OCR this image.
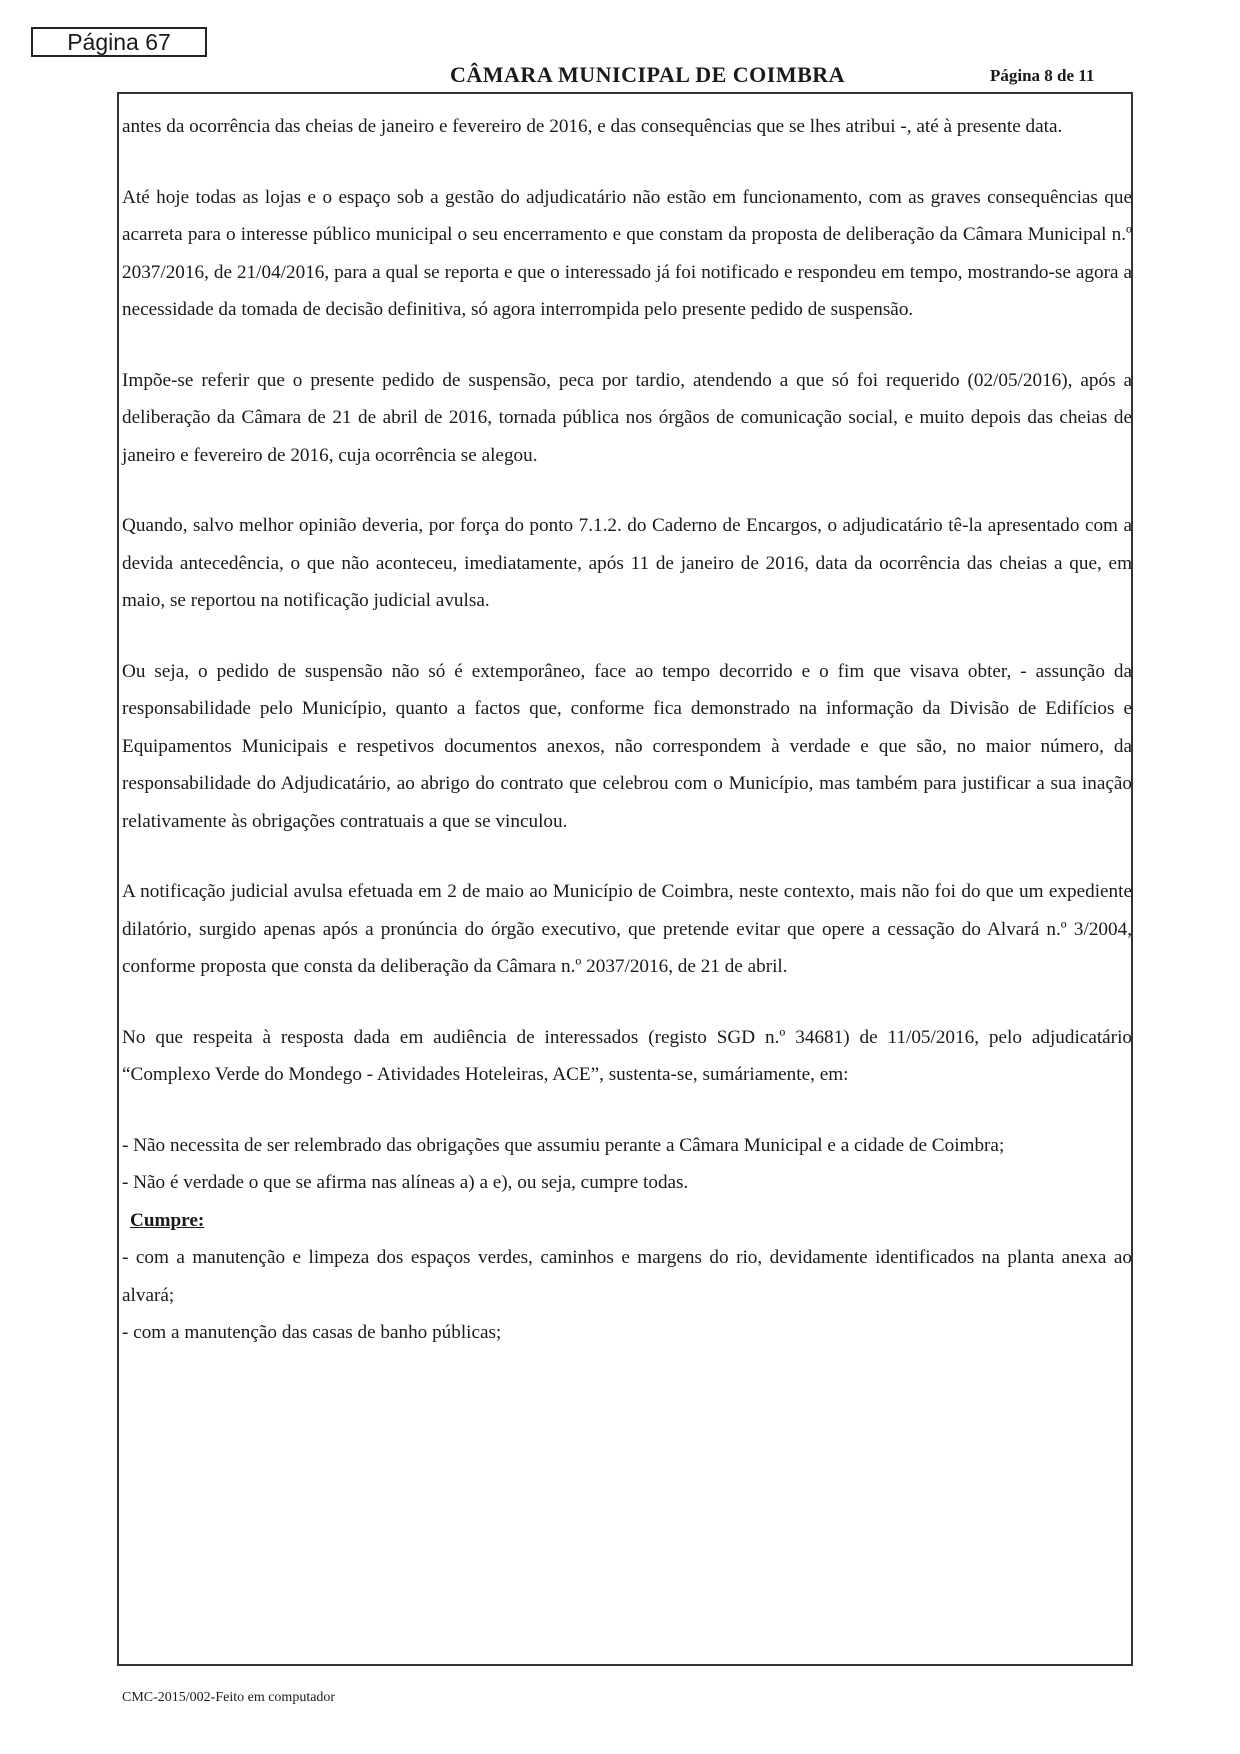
Página 67
CÂMARA MUNICIPAL DE COIMBRA	Página 8 de 11

antes da ocorrência das cheias de janeiro e fevereiro de 2016, e das consequências que se lhes atribui -, até à presente data.

Até hoje todas as lojas e o espaço sob a gestão do adjudicatário não estão em funcionamento, com as graves consequências que acarreta para o interesse público municipal o seu encerramento e que constam da proposta de deliberação da Câmara Municipal n.º 2037/2016, de 21/04/2016, para a qual se reporta e que o interessado já foi notificado e respondeu em tempo, mostrando-se agora a necessidade da tomada de decisão definitiva, só agora interrompida pelo presente pedido de suspensão.

Impõe-se referir que o presente pedido de suspensão, peca por tardio, atendendo a que só foi requerido (02/05/2016), após a deliberação da Câmara de 21 de abril de 2016, tornada pública nos órgãos de comunicação social, e muito depois das cheias de janeiro e fevereiro de 2016, cuja ocorrência se alegou.

Quando, salvo melhor opinião deveria, por força do ponto 7.1.2. do Caderno de Encargos, o adjudicatário tê-la apresentado com a devida antecedência, o que não aconteceu, imediatamente, após 11 de janeiro de 2016, data da ocorrência das cheias a que, em maio, se reportou na notificação judicial avulsa.

Ou seja, o pedido de suspensão não só é extemporâneo, face ao tempo decorrido e o fim que visava obter, - assunção da responsabilidade pelo Município, quanto a factos que, conforme fica demonstrado na informação da Divisão de Edifícios e Equipamentos Municipais e respetivos documentos anexos, não correspondem à verdade e que são, no maior número, da responsabilidade do Adjudicatário, ao abrigo do contrato que celebrou com o Município, mas também para justificar a sua inação relativamente às obrigações contratuais a que se vinculou.

A notificação judicial avulsa efetuada em 2 de maio ao Município de Coimbra, neste contexto, mais não foi do que um expediente dilatório, surgido apenas após a pronúncia do órgão executivo, que pretende evitar que opere a cessação do Alvará n.º 3/2004, conforme proposta que consta da deliberação da Câmara n.º 2037/2016, de 21 de abril.

No que respeita à resposta dada em audiência de interessados (registo SGD n.º 34681) de 11/05/2016, pelo adjudicatário “Complexo Verde do Mondego - Atividades Hoteleiras, ACE”, sustenta-se, sumáriamente, em:

- Não necessita de ser relembrado das obrigações que assumiu perante a Câmara Municipal e a cidade de Coimbra;

- Não é verdade o que se afirma nas alíneas a) a e), ou seja, cumpre todas.

Cumpre:

- com a manutenção e limpeza dos espaços verdes, caminhos e margens do rio, devidamente identificados na planta anexa ao alvará;

- com a manutenção das casas de banho públicas;

CMC-2015/002-Feito em computador
